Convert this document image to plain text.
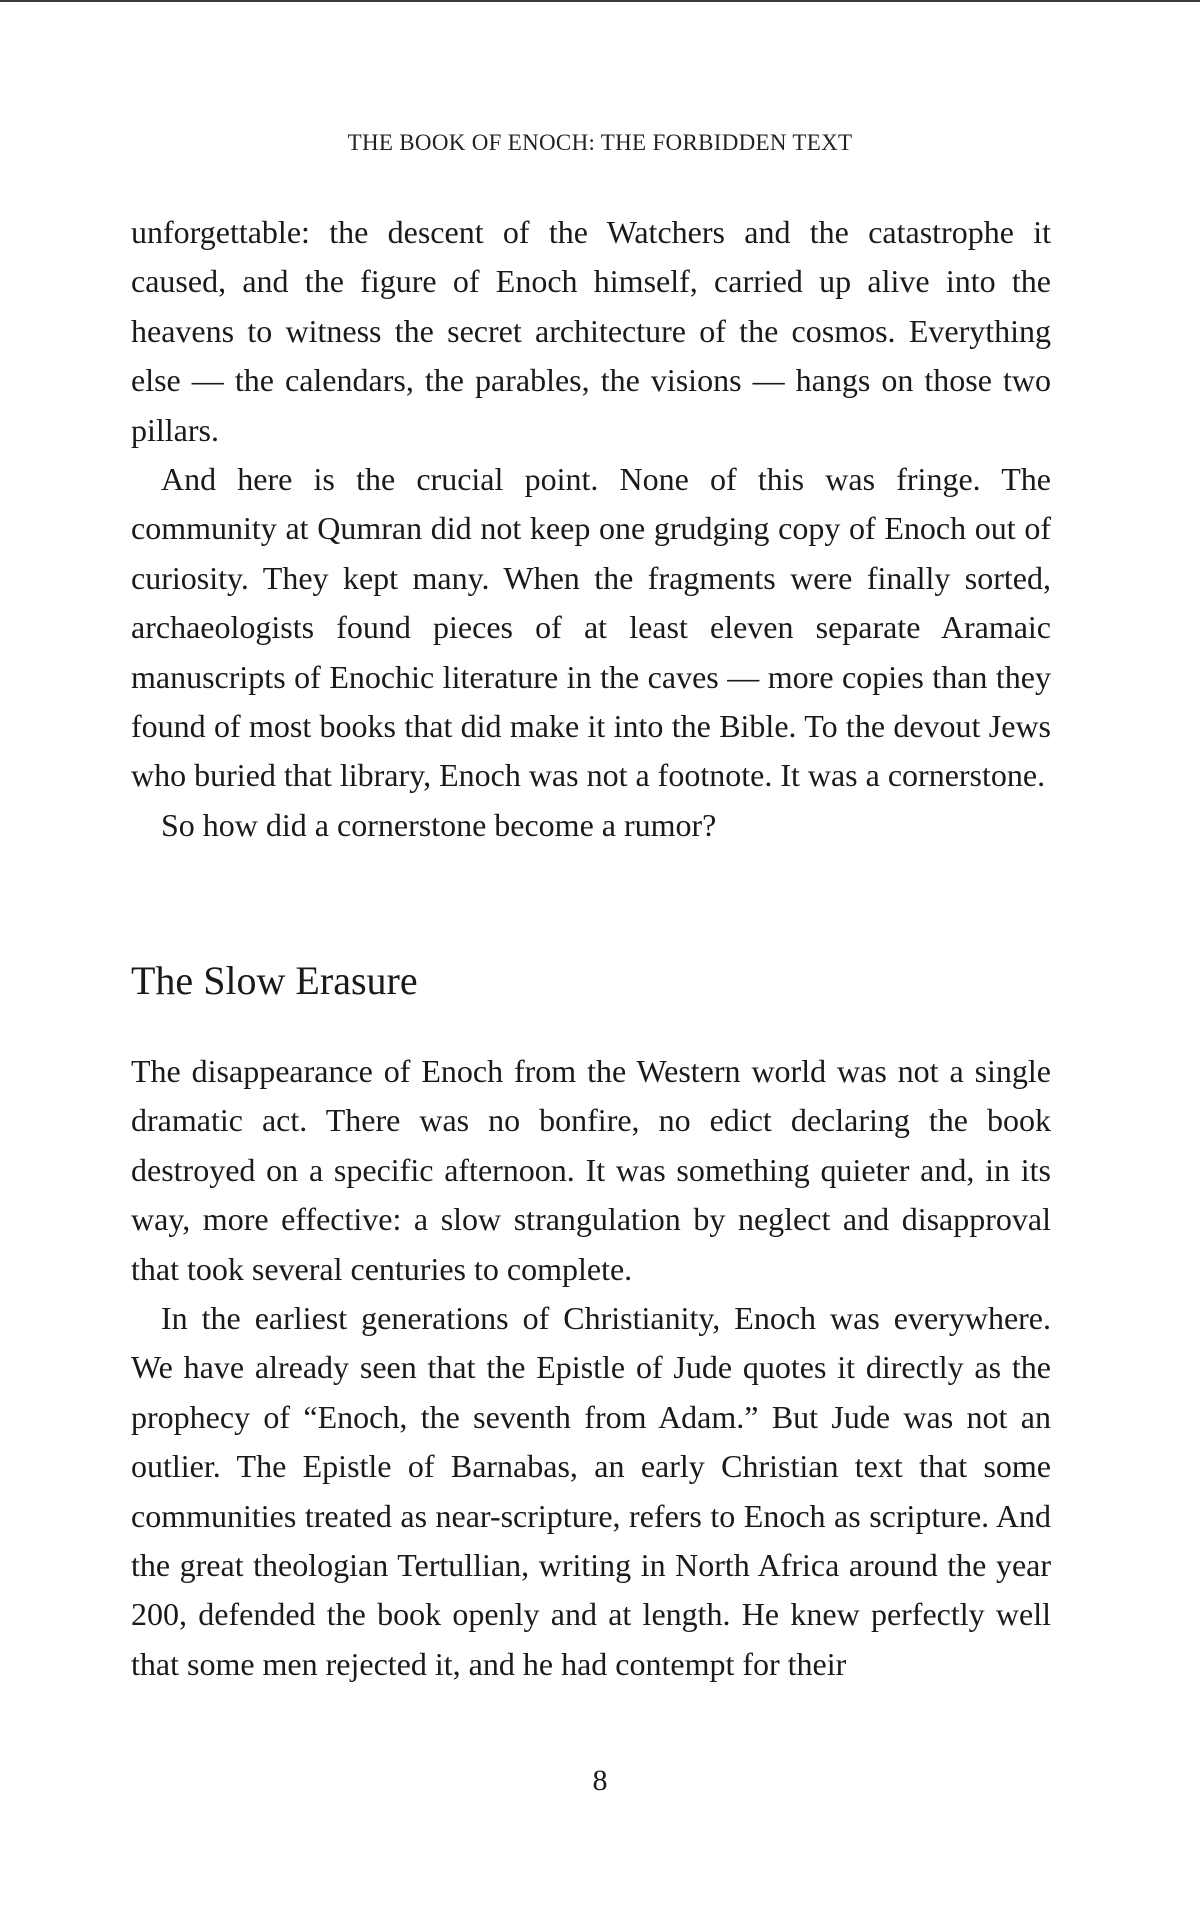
THE BOOK OF ENOCH: THE FORBIDDEN TEXT

unforgettable: the descent of the Watchers and the catastrophe it caused, and the figure of Enoch himself, carried up alive into the heavens to witness the secret architecture of the cosmos. Everything else — the calendars, the parables, the visions — hangs on those two pillars.

And here is the crucial point. None of this was fringe. The community at Qumran did not keep one grudging copy of Enoch out of curiosity. They kept many. When the fragments were finally sorted, archaeologists found pieces of at least eleven separate Aramaic manuscripts of Enochic literature in the caves — more copies than they found of most books that did make it into the Bible. To the devout Jews who buried that library, Enoch was not a footnote. It was a cornerstone.

So how did a cornerstone become a rumor?

The Slow Erasure

The disappearance of Enoch from the Western world was not a single dramatic act. There was no bonfire, no edict declaring the book destroyed on a specific afternoon. It was something quieter and, in its way, more effective: a slow strangulation by neglect and disapproval that took several centuries to complete.

In the earliest generations of Christianity, Enoch was everywhere. We have already seen that the Epistle of Jude quotes it directly as the prophecy of “Enoch, the seventh from Adam.” But Jude was not an outlier. The Epistle of Barnabas, an early Christian text that some communities treated as near-scripture, refers to Enoch as scripture. And the great theologian Tertullian, writing in North Africa around the year 200, defended the book openly and at length. He knew perfectly well that some men rejected it, and he had contempt for their

8
